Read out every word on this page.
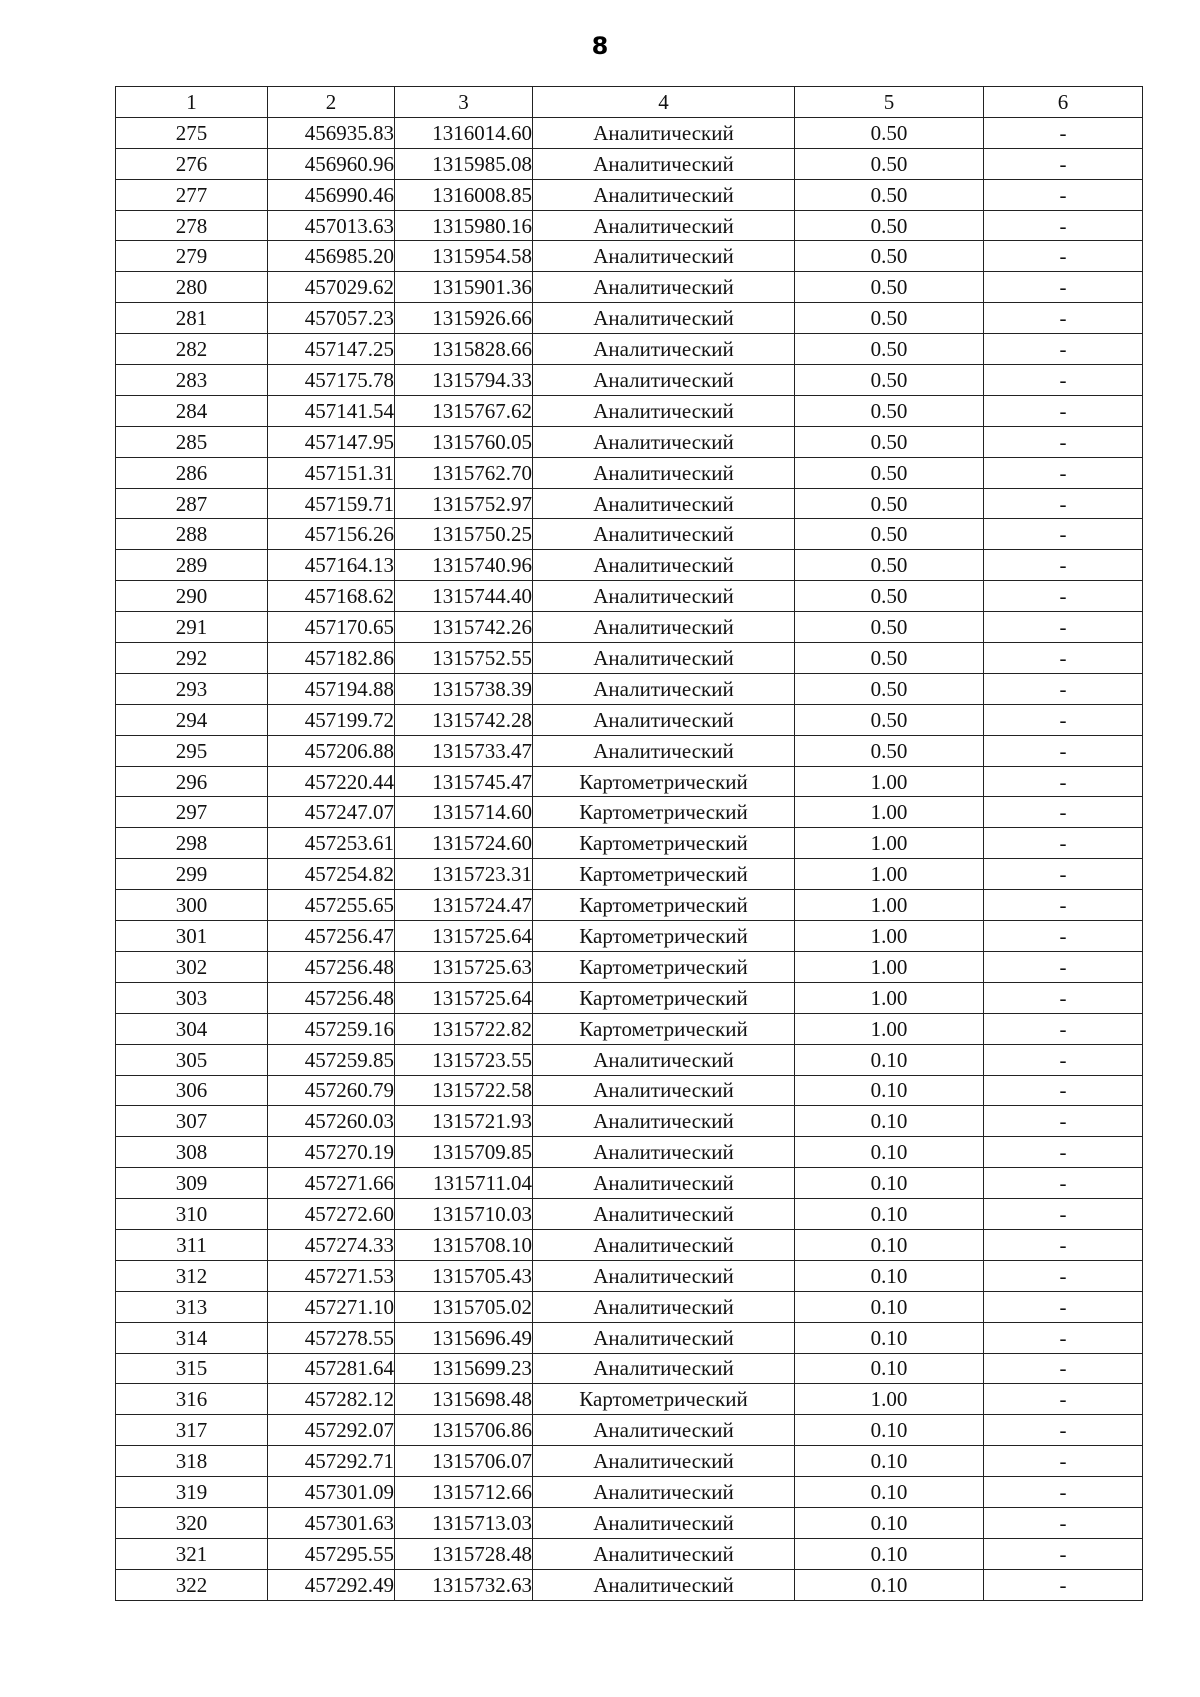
8
1	2	3	4	5	6
275	456935.83	1316014.60	Аналитический	0.50	-
276	456960.96	1315985.08	Аналитический	0.50	-
277	456990.46	1316008.85	Аналитический	0.50	-
278	457013.63	1315980.16	Аналитический	0.50	-
279	456985.20	1315954.58	Аналитический	0.50	-
280	457029.62	1315901.36	Аналитический	0.50	-
281	457057.23	1315926.66	Аналитический	0.50	-
282	457147.25	1315828.66	Аналитический	0.50	-
283	457175.78	1315794.33	Аналитический	0.50	-
284	457141.54	1315767.62	Аналитический	0.50	-
285	457147.95	1315760.05	Аналитический	0.50	-
286	457151.31	1315762.70	Аналитический	0.50	-
287	457159.71	1315752.97	Аналитический	0.50	-
288	457156.26	1315750.25	Аналитический	0.50	-
289	457164.13	1315740.96	Аналитический	0.50	-
290	457168.62	1315744.40	Аналитический	0.50	-
291	457170.65	1315742.26	Аналитический	0.50	-
292	457182.86	1315752.55	Аналитический	0.50	-
293	457194.88	1315738.39	Аналитический	0.50	-
294	457199.72	1315742.28	Аналитический	0.50	-
295	457206.88	1315733.47	Аналитический	0.50	-
296	457220.44	1315745.47	Картометрический	1.00	-
297	457247.07	1315714.60	Картометрический	1.00	-
298	457253.61	1315724.60	Картометрический	1.00	-
299	457254.82	1315723.31	Картометрический	1.00	-
300	457255.65	1315724.47	Картометрический	1.00	-
301	457256.47	1315725.64	Картометрический	1.00	-
302	457256.48	1315725.63	Картометрический	1.00	-
303	457256.48	1315725.64	Картометрический	1.00	-
304	457259.16	1315722.82	Картометрический	1.00	-
305	457259.85	1315723.55	Аналитический	0.10	-
306	457260.79	1315722.58	Аналитический	0.10	-
307	457260.03	1315721.93	Аналитический	0.10	-
308	457270.19	1315709.85	Аналитический	0.10	-
309	457271.66	1315711.04	Аналитический	0.10	-
310	457272.60	1315710.03	Аналитический	0.10	-
311	457274.33	1315708.10	Аналитический	0.10	-
312	457271.53	1315705.43	Аналитический	0.10	-
313	457271.10	1315705.02	Аналитический	0.10	-
314	457278.55	1315696.49	Аналитический	0.10	-
315	457281.64	1315699.23	Аналитический	0.10	-
316	457282.12	1315698.48	Картометрический	1.00	-
317	457292.07	1315706.86	Аналитический	0.10	-
318	457292.71	1315706.07	Аналитический	0.10	-
319	457301.09	1315712.66	Аналитический	0.10	-
320	457301.63	1315713.03	Аналитический	0.10	-
321	457295.55	1315728.48	Аналитический	0.10	-
322	457292.49	1315732.63	Аналитический	0.10	-
